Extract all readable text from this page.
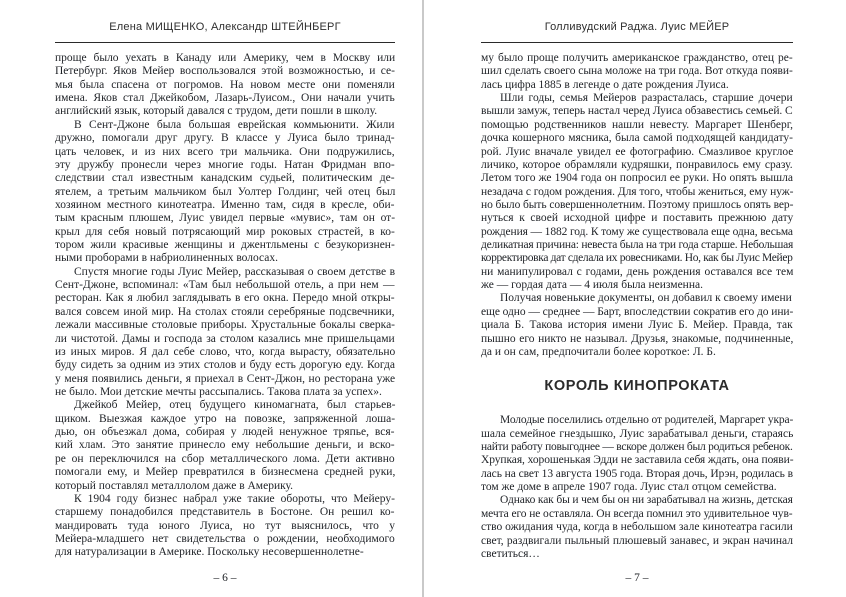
Елена МИЩЕНКО, Александр ШТЕЙНБЕРГ
проще было уехать в Канаду или Америку, чем в Москву или
Петербург. Яков Мейер воспользовался этой возможностью, и се-
мья была спасена от погромов. На новом месте они поменяли
имена. Яков стал Джейкобом, Лазарь-Луисом., Они начали учить
английский язык, который давался с трудом, дети пошли в школу.
В Сент-Джоне была большая еврейская коммьюнити. Жили
дружно, помогали друг другу. В классе у Луиса было тринад-
цать человек, и из них всего три мальчика. Они подружились,
эту дружбу пронесли через многие годы. Натан Фридман впо-
следствии стал известным канадским судьей, политическим де-
ятелем, а третьим мальчиком был Уолтер Голдинг, чей отец был
хозяином местного кинотеатра. Именно там, сидя в кресле, оби-
тым красным плюшем, Луис увидел первые «мувис», там он от-
крыл для себя новый потрясающий мир роковых страстей, в ко-
тором жили красивые женщины и джентльмены с безукоризнен-
ными проборами в набриолиненных волосах.
Спустя многие годы Луис Мейер, рассказывая о своем детстве в
Сент-Джоне, вспоминал: «Там был небольшой отель, а при нем —
ресторан. Как я любил заглядывать в его окна. Передо мной откры-
вался совсем иной мир. На столах стояли серебряные подсвечники,
лежали массивные столовые приборы. Хрустальные бокалы сверка-
ли чистотой. Дамы и господа за столом казались мне пришельцами
из иных миров. Я дал себе слово, что, когда вырасту, обязательно
буду сидеть за одним из этих столов и буду есть дорогую еду. Когда
у меня появились деньги, я приехал в Сент-Джон, но ресторана уже
не было. Мои детские мечты рассыпались. Такова плата за успех».
Джейкоб Мейер, отец будущего киномагната, был старьев-
щиком. Выезжая каждое утро на повозке, запряженной лоша-
дью, он объезжал дома, собирая у людей ненужное тряпье, вся-
кий хлам. Это занятие принесло ему небольшие деньги, и вско-
ре он переключился на сбор металлического лома. Дети активно
помогали ему, и Мейер превратился в бизнесмена средней руки,
который поставлял металлолом даже в Америку.
К 1904 году бизнес набрал уже такие обороты, что Мейеру-
старшему понадобился представитель в Бостоне. Он решил ко-
мандировать туда юного Луиса, но тут выяснилось, что у
Мейера-младшего нет свидетельства о рождении, необходимого
для натурализации в Америке. Поскольку несовершеннолетне-
– 6 –
Голливудский Раджа. Луис МЕЙЕР
му было проще получить американское гражданство, отец ре-
шил сделать своего сына моложе на три года. Вот откуда появи-
лась цифра 1885 в легенде о дате рождения Луиса.
Шли годы, семья Мейеров разрасталась, старшие дочери
вышли замуж, теперь настал черед Луиса обзавестись семьей. С
помощью родственников нашли невесту. Маргарет Шенберг,
дочка кошерного мясника, была самой подходящей кандидату-
рой. Луис вначале увидел ее фотографию. Смазливое круглое
личико, которое обрамляли кудряшки, понравилось ему сразу.
Летом того же 1904 года он попросил ее руки. Но опять вышла
незадача с годом рождения. Для того, чтобы жениться, ему нуж-
но было быть совершеннолетним. Поэтому пришлось опять вер-
нуться к своей исходной цифре и поставить прежнюю дату
рождения — 1882 год. К тому же существовала еще одна, весьма
деликатная причина: невеста была на три года старше. Небольшая
корректировка дат сделала их ровесниками. Но, как бы Луис Мейер
ни манипулировал с годами, день рождения оставался все тем
же — гордая дата — 4 июля была неизменна.
Получая новенькие документы, он добавил к своему имени
еще одно — среднее — Барт, впоследствии сократив его до ини-
циала Б. Такова история имени Луис Б. Мейер. Правда, так
пышно его никто не называл. Друзья, знакомые, подчиненные,
да и он сам, предпочитали более короткое: Л. Б.
КОРОЛЬ КИНОПРОКАТА
Молодые поселились отдельно от родителей, Маргарет укра-
шала семейное гнездышко, Луис зарабатывал деньги, стараясь
найти работу повыгоднее — вскоре должен был родиться ребенок.
Хрупкая, хорошенькая Эдди не заставила себя ждать, она появи-
лась на свет 13 августа 1905 года. Вторая дочь, Ирэн, родилась в
том же доме в апреле 1907 года. Луис стал отцом семейства.
Однако как бы и чем бы он ни зарабатывал на жизнь, детская
мечта его не оставляла. Он всегда помнил это удивительное чув-
ство ожидания чуда, когда в небольшом зале кинотеатра гасили
свет, раздвигали пыльный плюшевый занавес, и экран начинал
светиться…
– 7 –
